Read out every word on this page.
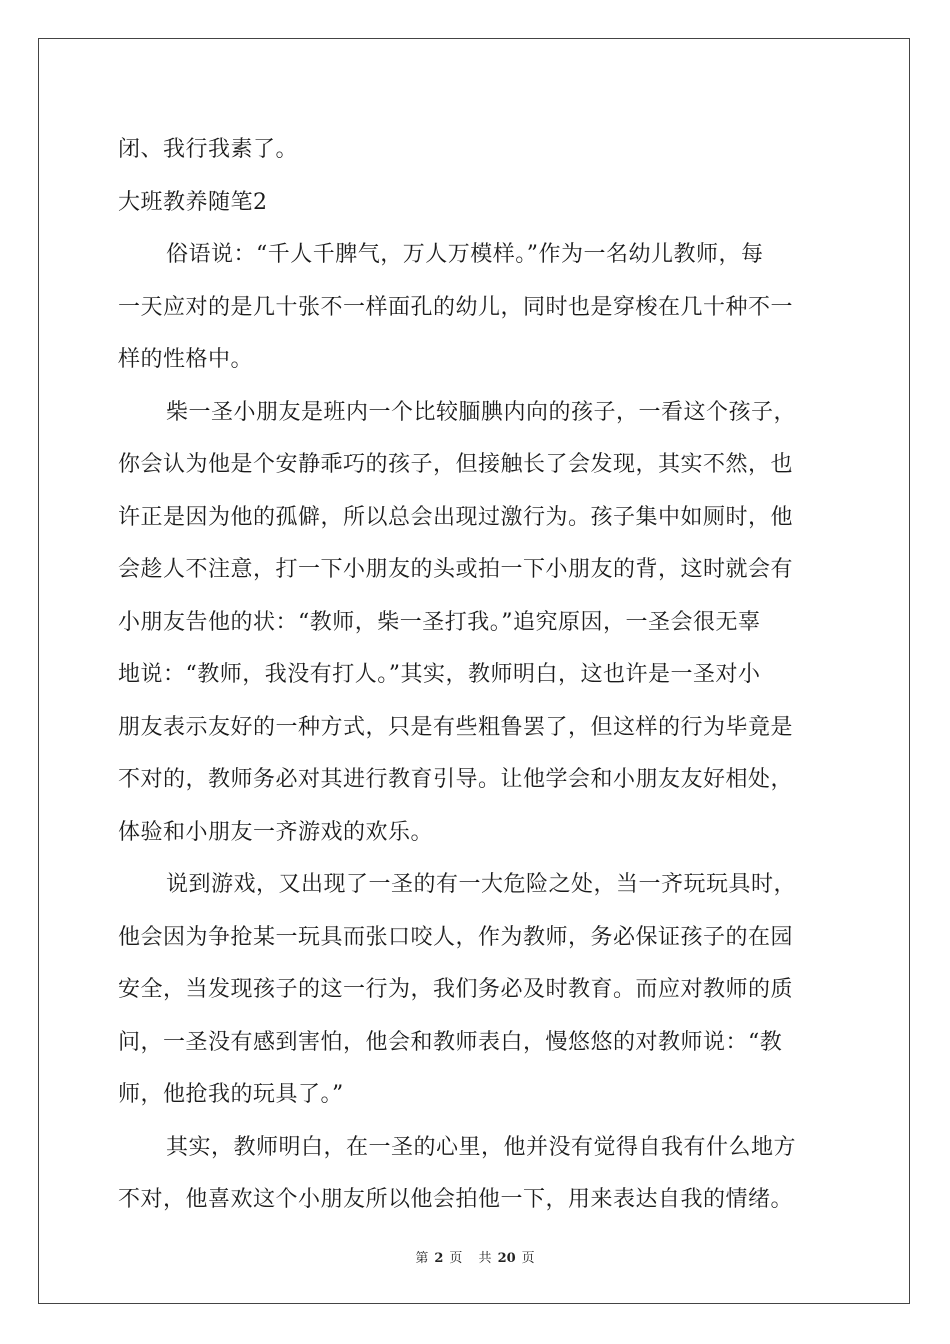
闭、我行我素了。
大班教养随笔2
俗语说：“千人千脾气，万人万模样。”作为一名幼儿教师，每
一天应对的是几十张不一样面孔的幼儿，同时也是穿梭在几十种不一
样的性格中。
柴一圣小朋友是班内一个比较腼腆内向的孩子，一看这个孩子，
你会认为他是个安静乖巧的孩子，但接触长了会发现，其实不然，也
许正是因为他的孤僻，所以总会出现过激行为。孩子集中如厕时，他
会趁人不注意，打一下小朋友的头或拍一下小朋友的背，这时就会有
小朋友告他的状：“教师，柴一圣打我。”追究原因，一圣会很无辜
地说：“教师，我没有打人。”其实，教师明白，这也许是一圣对小
朋友表示友好的一种方式，只是有些粗鲁罢了，但这样的行为毕竟是
不对的，教师务必对其进行教育引导。让他学会和小朋友友好相处，
体验和小朋友一齐游戏的欢乐。
说到游戏，又出现了一圣的有一大危险之处，当一齐玩玩具时，
他会因为争抢某一玩具而张口咬人，作为教师，务必保证孩子的在园
安全，当发现孩子的这一行为，我们务必及时教育。而应对教师的质
问，一圣没有感到害怕，他会和教师表白，慢悠悠的对教师说：“教
师，他抢我的玩具了。”
其实，教师明白，在一圣的心里，他并没有觉得自我有什么地方
不对，他喜欢这个小朋友所以他会拍他一下，用来表达自我的情绪。
第 2 页 共 20 页
